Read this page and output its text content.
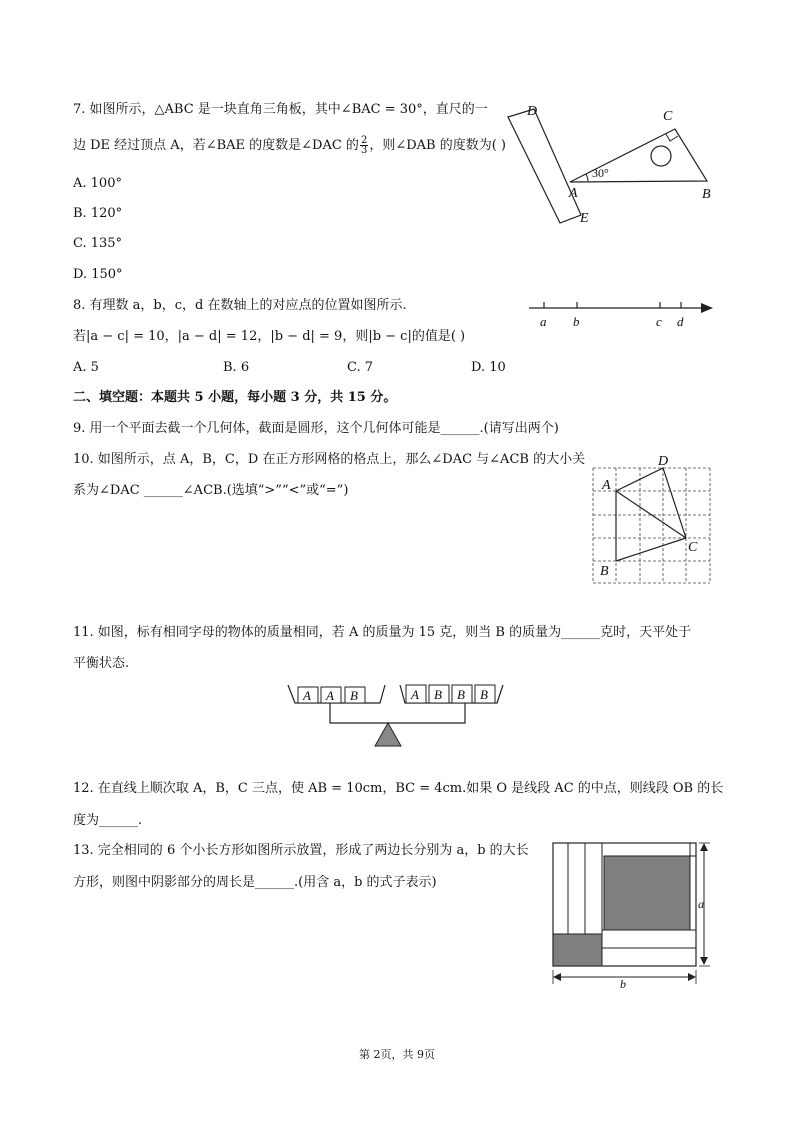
7. 如图所示，△ABC 是一块直角三角板，其中∠BAC = 30°，直尺的一
边 DE 经过顶点 A，若∠BAE 的度数是∠DAC 的 $\frac{2}{3}$ ，则∠DAB 的度数为( )
A. 100°
B. 120°
C. 135°
D. 150°
D	C
A	B
E
30°
8. 有理数 a，b，c，d 在数轴上的对应点的位置如图所示.
若|a − c| = 10，|a − d| = 12，|b − d| = 9，则|b − c|的值是( )
A. 5	B. 6	C. 7	D. 10
a b	c d
二、填空题：本题共 5 小题，每小题 3 分，共 15 分。
9. 用一个平面去截一个几何体，截面是圆形，这个几何体可能是______.(请写出两个)
10. 如图所示，点 A，B，C，D 在正方形网格的格点上，那么∠DAC 与∠ACB 的大小关
系为∠DAC ______∠ACB.(选填“>”“<”或“=”)	A
D
C
B
11. 如图，标有相同字母的物体的质量相同，若 A 的质量为 15 克，则当 B 的质量为______克时，天平处于
平衡状态.
A A B	A B B B
12. 在直线上顺次取 A，B，C 三点，使 AB = 10cm，BC = 4cm.如果 O 是线段 AC 的中点，则线段 OB 的长
度为______.
13. 完全相同的 6 个小长方形如图所示放置，形成了两边长分别为 a，b 的大长
方形，则图中阴影部分的周长是______.(用含 a，b 的式子表示)
a
b
第 2页，共 9页
